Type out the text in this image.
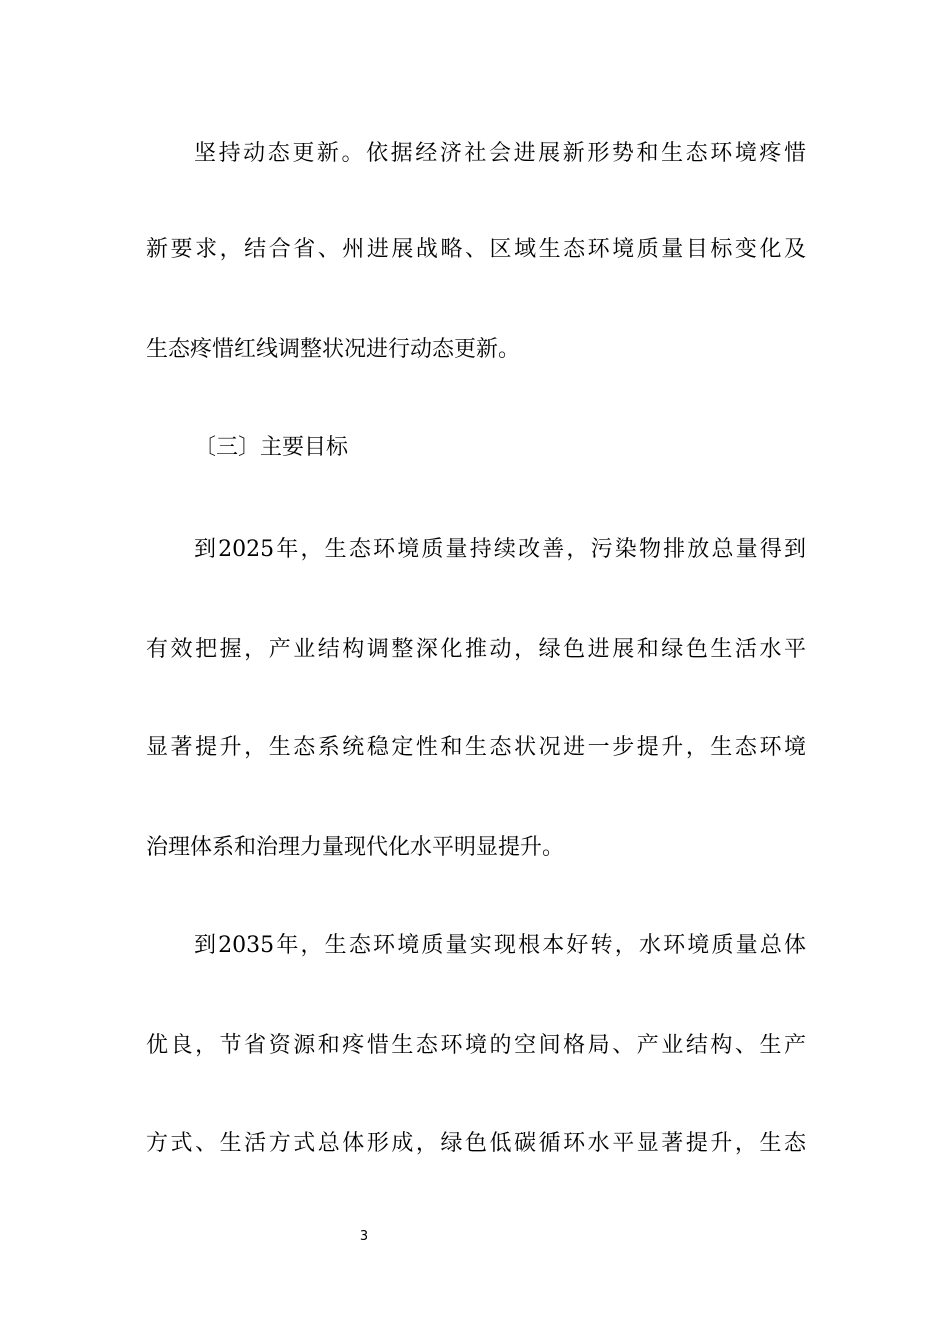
坚持动态更新。依据经济社会进展新形势和生态环境疼惜
新要求，结合省、州进展战略、区域生态环境质量目标变化及
生态疼惜红线调整状况进行动态更新。
〔三〕主要目标
到2025年，生态环境质量持续改善，污染物排放总量得到
有效把握，产业结构调整深化推动，绿色进展和绿色生活水平
显著提升，生态系统稳定性和生态状况进一步提升，生态环境
治理体系和治理力量现代化水平明显提升。
到2035年，生态环境质量实现根本好转，水环境质量总体
优良，节省资源和疼惜生态环境的空间格局、产业结构、生产
方式、生活方式总体形成，绿色低碳循环水平显著提升，生态
3
